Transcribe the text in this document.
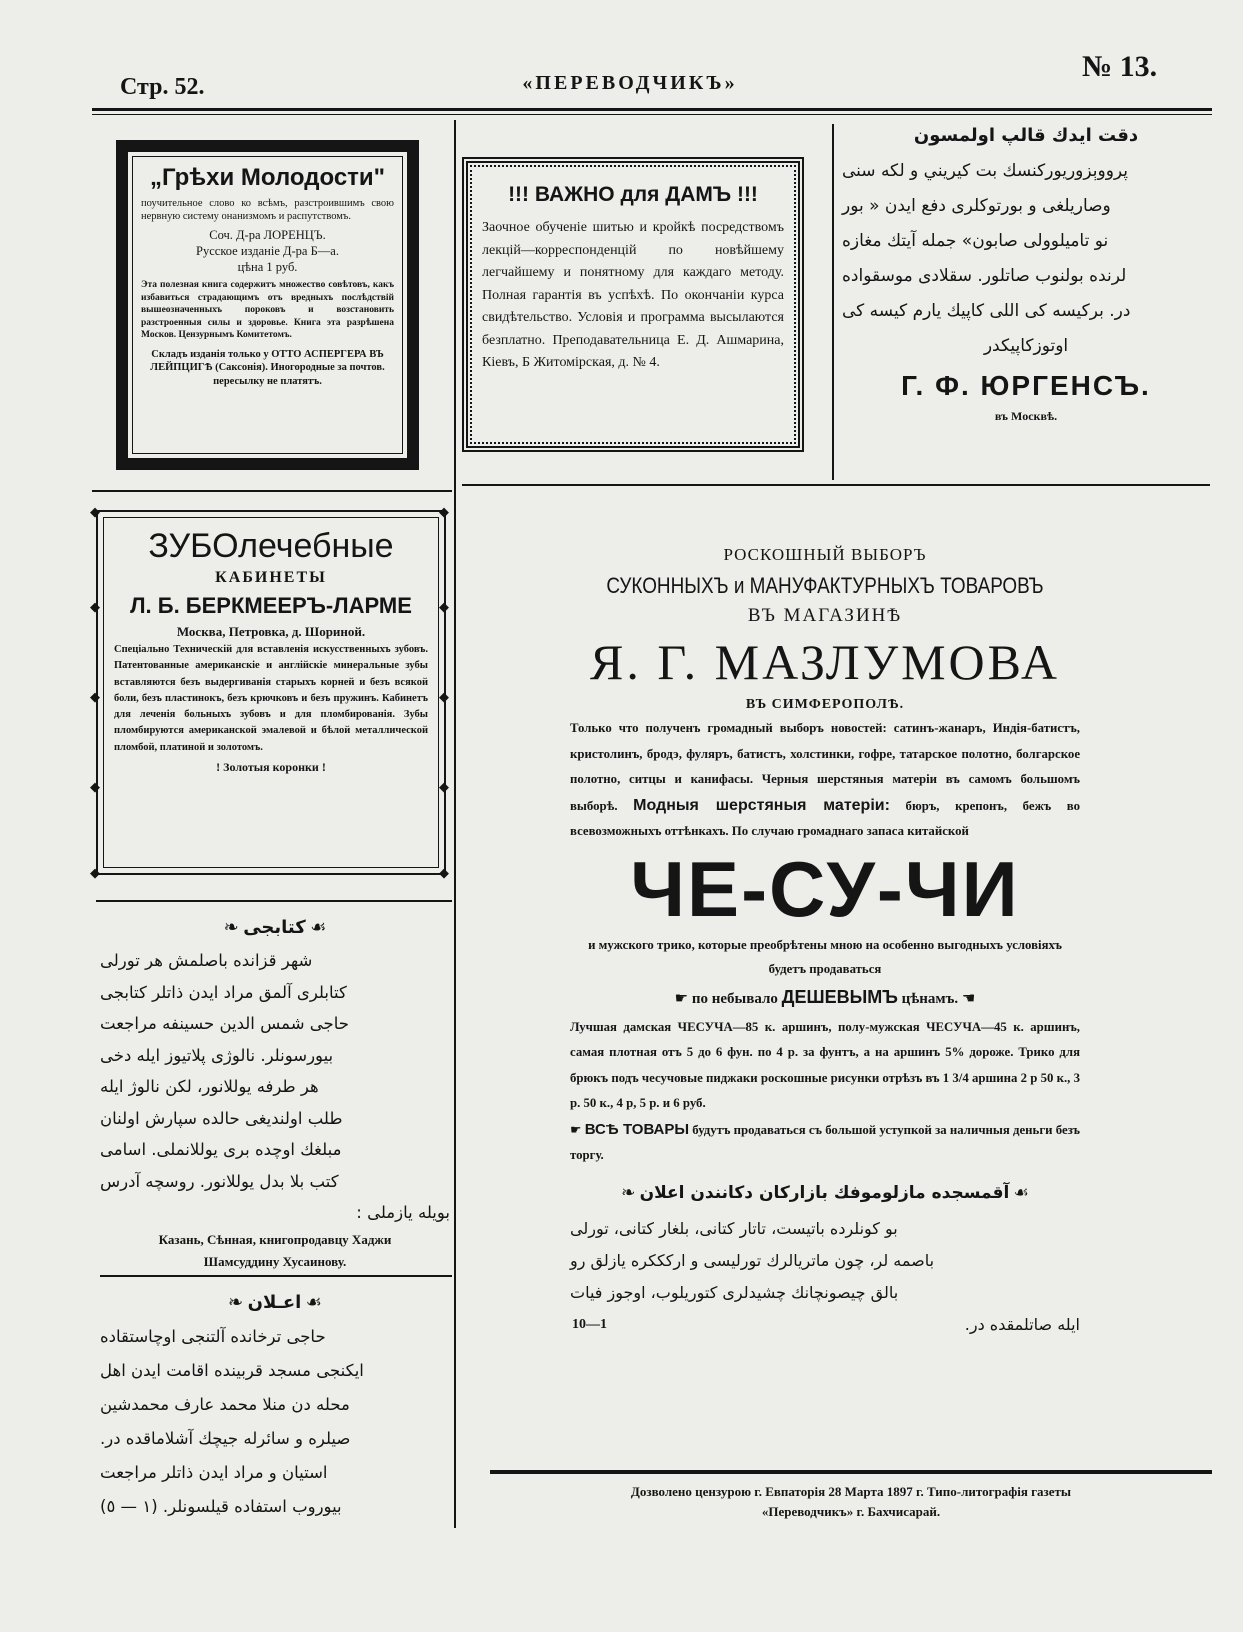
Стр. 52.	«ПЕРЕВОДЧИКЪ»	№ 13.
„Грѣхи Молодости"
поучительное слово ко всѣмъ, разстроившимъ свою нервную систему онанизмомъ и распутствомъ.
Соч. Д-ра ЛОРЕНЦЪ.
Русское изданіе Д-ра Б—а.
цѣна 1 руб.
Эта полезная книга содержитъ множество совѣтовъ, какъ избавиться страдающимъ отъ вредныхъ послѣдствій вышеозначенныхъ пороковъ и возстановить разстроенныя силы и здоровье. Книга эта разрѣшена Москов. Цензурнымъ Комитетомъ.
Складъ изданія только у ОТТО АСПЕРГЕРА ВЪ ЛЕЙПЦИГѢ (Саксонія). Иногородные за почтов. пересылку не платятъ.
!!! ВАЖНО для ДАМЪ !!!
Заочное обученіе шитью и кройкѣ посредствомъ лекцій—корреспонденцій по новѣйшему легчайшему и понятному для каждаго методу. Полная гарантія въ успѣхѣ. По окончаніи курса свидѣтельство. Условія и программа высылаются безплатно. Преподавательница Е. Д. Ашмарина, Кіевъ, Б Житомірская, д. № 4.
دقت ايدك قالپ اولمسون
پرووېزوريوركنسك بت كيريني و لكه سنی
وصاريلغی و بورتوكلری دفع ايدن « بور
نو تاميلوولی صابون» جمله آيتك مغازه
لرنده بولنوب صاتلور. سقلادی موسقواده
در. بركيسه كی اللی كاپيك يارم كيسه كی
اوتوزكاپيكدر
Г. Ф. ЮРГЕНСЪ.
въ Москвѣ.
ЗУБОлечебные
КАБИНЕТЫ
Л. Б. БЕРКМЕЕРЪ-ЛАРМЕ
Москва, Петровка, д. Шориной.
Спеціально Техническій для вставленія искусственныхъ зубовъ. Патентованные американскіе и англійскіе минеральные зубы вставляются безъ выдергиванія старыхъ корней и безъ всякой боли, безъ пластинокъ, безъ крючковъ и безъ пружинъ. Кабинетъ для леченія больныхъ зубовъ и для пломбированія. Зубы пломбируются американской эмалевой и бѣлой металлической пломбой, платиной и золотомъ.
! Золотыя коронки !
◆	◆
◆	◆
◆
◆
◆
◆
◆
◆
❧ كتابجی ☙
شهر قزانده باصلمش هر تورلی
كتابلری آلمق مراد ايدن ذاتلر كتابجی
حاجی شمس الدين حسينفه مراجعت
بيورسونلر. نالوژی پلاتيوز ايله دخی
هر طرفه يوللانور، لكن نالوژ ايله
طلب اولنديغی حالده سپارش اولنان
مبلغك اوچده بری يوللانملی. اسامی
كتب بلا بدل يوللانور. روسچه آدرس
بويله يازملی :
Казань, Сѣнная, книгопродавцу Хаджи
Шамсуддину Хусаинову.
❧ اعـلان ☙
حاجی ترخانده آلتنجی اوچاستقاده
ايكنجی مسجد قربينده اقامت ايدن اهل
محله دن منلا محمد عارف محمدشين
صيلره و سائرله جيچك آشلاماقده در.
استيان و مراد ايدن ذاتلر مراجعت
بيوروب استفاده قيلسونلر. (١ — ٥)
РОСКОШНЫЙ ВЫБОРЪ
СУКОННЫХЪ и МАНУФАКТУРНЫХЪ ТОВАРОВЪ
ВЪ МАГАЗИНѢ
Я. Г. МАЗЛУМОВА
ВЪ СИМФЕРОПОЛѢ.
Только что полученъ громадный выборъ новостей: сатинъ-жанаръ, Индія-батистъ, кристолинъ, бродэ, фуляръ, батистъ, холстинки, гофре, татарское полотно, болгарское полотно, ситцы и канифасы. Черныя шерстяныя матеріи въ самомъ большомъ выборѣ. Модныя шерстяныя матеріи: бюръ, крепонъ, бежъ во всевозможныхъ оттѣнкахъ. По случаю громаднаго запаса китайской
ЧЕ-СУ-ЧИ
и мужского трико, которые преобрѣтены мною на особенно выгодныхъ условіяхъ будетъ продаваться
☛ по небывало ДЕШЕВЫМЪ цѣнамъ. ☚
Лучшая дамская ЧЕСУЧА—85 к. аршинъ, полу-мужская ЧЕСУЧА—45 к. аршинъ, самая плотная отъ 5 до 6 фун. по 4 р. за фунтъ, а на аршинъ 5% дороже. Трико для брюкъ подъ чесучовые пиджаки роскошные рисунки отрѣзъ въ 1 3/4 аршина 2 р 50 к., 3 р. 50 к., 4 р, 5 р. и 6 руб.
☛ ВСѢ ТОВАРЫ будутъ продаваться съ большой уступкой за наличныя деньги безъ торгу.
❧ آقمسجده مازلوموفك بازاركان دكانندن اعلان ☙
بو كونلرده باتيست، تاتار كتانی، بلغار كتانی، تورلی
باصمه لر، چون ماتريالرك تورليسی و اركككره يازلق رو
بالق چيصونچانك چشيدلری كتوريلوب، اوجوز فيات
ايله صاتلمقده در.
10—1
Дозволено цензурою г. Евпаторія 28 Марта 1897 г. Типо-литографія газеты
«Переводчикъ» г. Бахчисарай.
